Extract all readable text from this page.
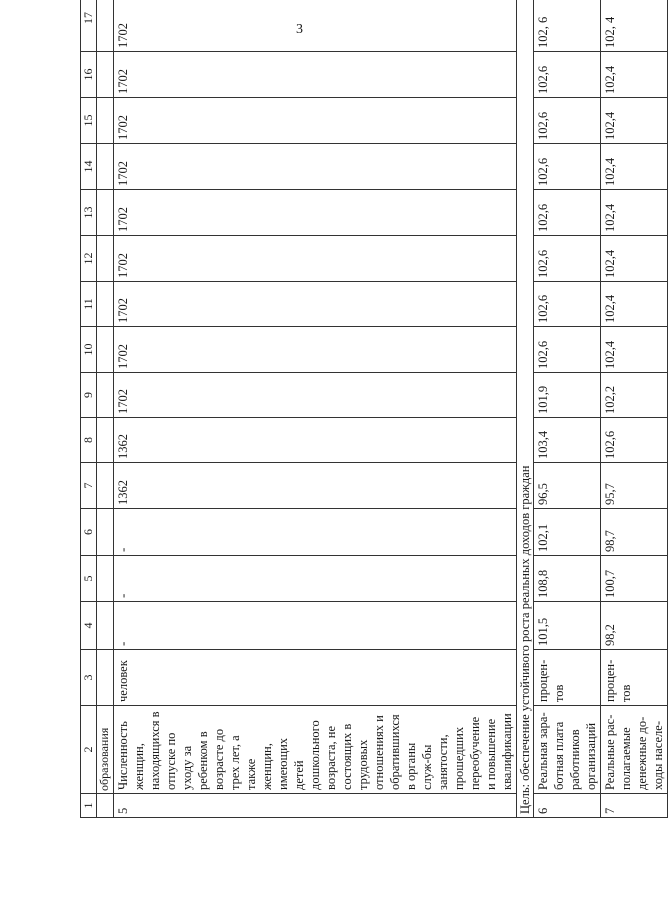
3
1	2	3	4	5	6	7	8	9	10	11	12	13	14	15	16	17
	образования															
5	Численность женщин, находящихся в отпуске по уходу за ребенком в возрасте до трех лет, а также женщин, имеющих детей дошкольного возраста, не состоящих в трудовых отношениях и обратившихся в органы служ-бы занятости, прошедших переобучение и повышение квалификации	человек	-	-	-	1362	1362	1702	1702	1702	1702	1702	1702	1702	1702	1702
Цель: обеспечение устойчивого роста реальных доходов граждан																
6	Реальная зара-ботная плата работников организаций	процен-тов	101,5	108,8	102,1	96,5	103,4	101,9	102,6	102,6	102,6	102,6	102,6	102,6	102,6	102, 6
7	Реальные рас-полагаемые денежные до-ходы населе-	процен-тов	98,2	100,7	98,7	95,7	102,6	102,2	102,4	102,4	102,4	102,4	102,4	102,4	102,4	102, 4
